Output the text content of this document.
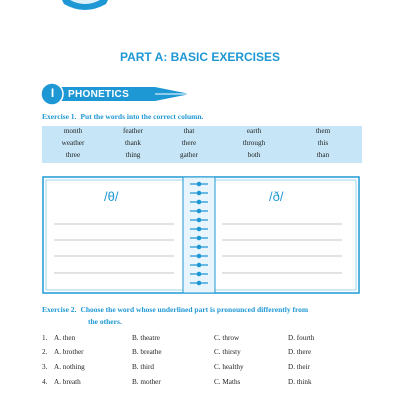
PART A: BASIC EXERCISES
I	PHONETICS
Exercise 1. Put the words into the correct column.
month	feather	that	earth	them
weather	thank	there	through	this
three	thing	gather	both	than
/θ/	/ð/
Exercise 2. Choose the word whose underlined part is pronounced differently from
the others.
1. A. then	B. theatre	C. throw	D. fourth
2. A. brother	B. breathe	C. thirsty	D. there
3. A. nothing	B. third	C. healthy	D. their
4. A. breath	B. mother	C. Maths	D. think
